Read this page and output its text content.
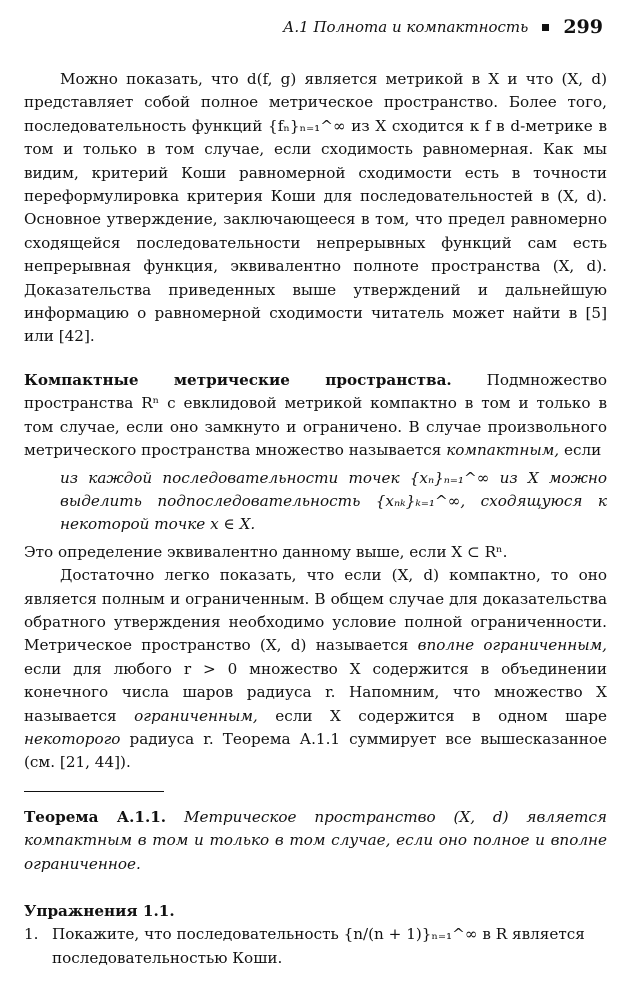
А.1 Полнота и компактность 299

Можно показать, что d(f, g) является метрикой в X и что (X, d) представляет собой полное метрическое пространство. Более того, последовательность функций {fₙ}ₙ₌₁^∞ из X сходится к f в d-метрике в том и только в том случае, если сходимость равномерная. Как мы видим, критерий Коши равномерной сходимости есть в точности переформулировка критерия Коши для последовательностей в (X, d). Основное утверждение, заключающееся в том, что предел равномерно сходящейся последовательности непрерывных функций сам есть непрерывная функция, эквивалентно полноте пространства (X, d). Доказательства приведенных выше утверждений и дальнейшую информацию о равномерной сходимости читатель может найти в [5] или [42].

Компактные метрические пространства. Подмножество пространства Rⁿ с евклидовой метрикой компактно в том и только в том случае, если оно замкнуто и ограничено. В случае произвольного метрического пространства множество называется компактным, если

из каждой последовательности точек {xₙ}ₙ₌₁^∞ из X можно выделить подпоследовательность {xₙₖ}ₖ₌₁^∞, сходящуюся к некоторой точке x ∈ X.

Это определение эквивалентно данному выше, если X ⊂ Rⁿ.

Достаточно легко показать, что если (X, d) компактно, то оно является полным и ограниченным. В общем случае для доказательства обратного утверждения необходимо условие полной ограниченности. Метрическое пространство (X, d) называется вполне ограниченным, если для любого r > 0 множество X содержится в объединении конечного числа шаров радиуса r. Напомним, что множество X называется ограниченным, если X содержится в одном шаре некоторого радиуса r. Теорема А.1.1 суммирует все вышесказанное (см. [21, 44]).

Теорема А.1.1. Метрическое пространство (X, d) является компактным в том и только в том случае, если оно полное и вполне ограниченное.

Упражнения 1.1.

1. Покажите, что последовательность {n/(n + 1)}ₙ₌₁^∞ в R является последовательностью Коши.
